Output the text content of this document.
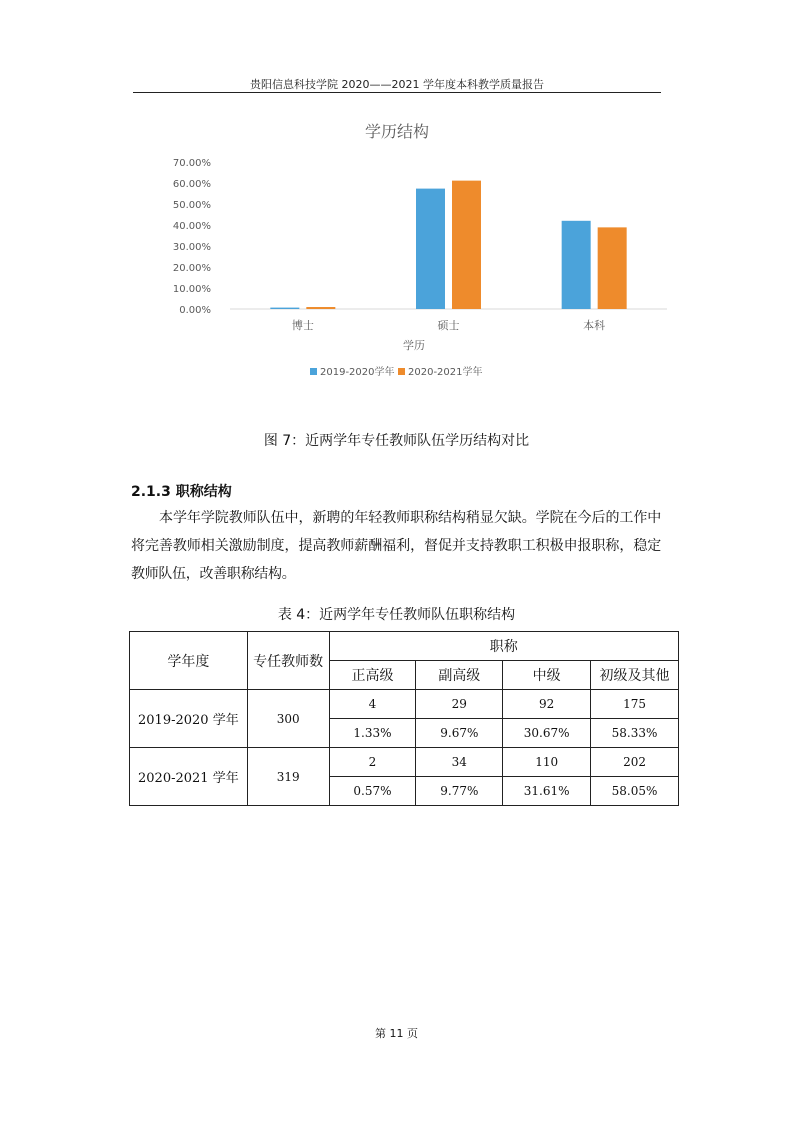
贵阳信息科技学院 2020——2021 学年度本科教学质量报告
学历结构
0.00%
10.00%
20.00%
30.00%
40.00%
50.00%
60.00%
70.00%
博士	硕士	本科
学历
2019-2020学年 2020-2021学年
图 7：近两学年专任教师队伍学历结构对比
2.1.3 职称结构
本学年学院教师队伍中，新聘的年轻教师职称结构稍显欠缺。学院在今后的工作中将完善教师相关激励制度，提高教师薪酬福利，督促并支持教职工积极申报职称，稳定教师队伍，改善职称结构。
表 4：近两学年专任教师队伍职称结构
学年度	专任教师数	职称			
		正高级	副高级	中级	初级及其他
2019-2020 学年	300	4	29	92	175
		1.33%	9.67%	30.67%	58.33%
2020-2021 学年	319	2	34	110	202
		0.57%	9.77%	31.61%	58.05%
第 11 页
